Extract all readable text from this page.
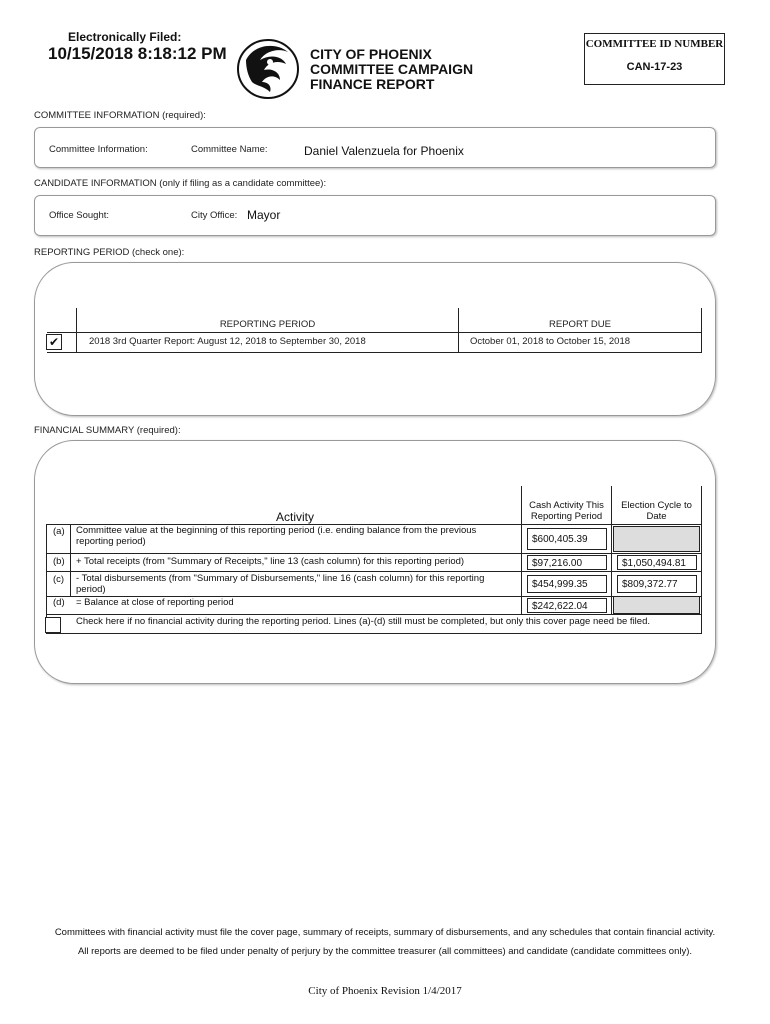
Electronically Filed:
10/15/2018 8:18:12 PM	CITY OF PHOENIX
COMMITTEE CAMPAIGN
FINANCE REPORT
COMMITTEE ID NUMBER
CAN-17-23
COMMITTEE INFORMATION (required):
Committee Information:	Committee Name:	Daniel Valenzuela for Phoenix
CANDIDATE INFORMATION (only if filing as a candidate committee):
Office Sought:	City Office: Mayor
REPORTING PERIOD (check one):
REPORTING PERIOD	REPORT DUE
2018 3rd Quarter Report: August 12, 2018 to September 30, 2018	October 01, 2018 to October 15, 2018
✔
FINANCIAL SUMMARY (required):
Activity
Cash Activity This Reporting Period
Election Cycle to Date
(a) Committee value at the beginning of this reporting period (i.e. ending balance from the previous reporting period)	$600,405.39
(b) + Total receipts (from "Summary of Receipts," line 13 (cash column) for this reporting period)	$97,216.00	$1,050,494.81
(c) - Total disbursements (from "Summary of Disbursements," line 16 (cash column) for this reporting period)	$454,999.35	$809,372.77
(d) = Balance at close of reporting period	$242,622.04
Check here if no financial activity during the reporting period. Lines (a)-(d) still must be completed, but only this cover page need be filed.
Committees with financial activity must file the cover page, summary of receipts, summary of disbursements, and any schedules that contain financial activity.
All reports are deemed to be filed under penalty of perjury by the committee treasurer (all committees) and candidate (candidate committees only).
City of Phoenix Revision 1/4/2017
